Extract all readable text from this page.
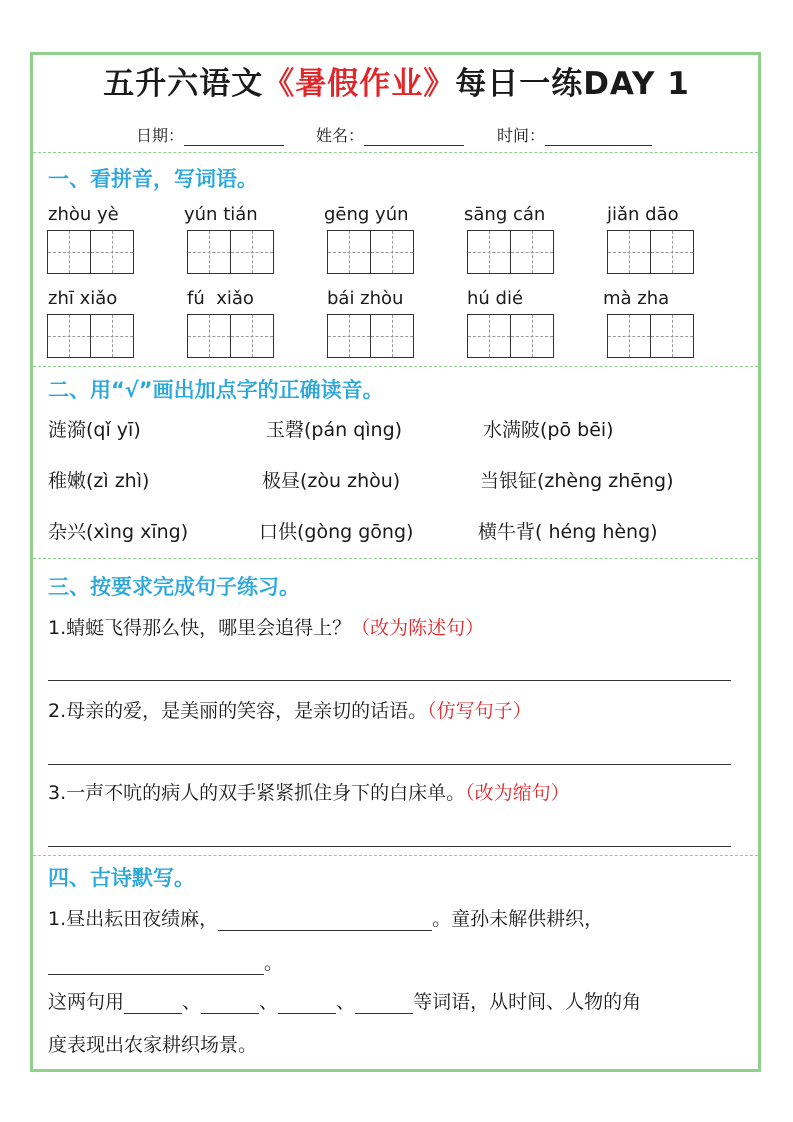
五升六语文《暑假作业》每日一练DAY 1
日期：	姓名：	时间：
一、看拼音，写词语。
zhòu yè	yún tián	gēng yún	sāng cán	jiǎn dāo
zhī xiǎo	fú  xiǎo	bái zhòu	hú dié	mà zha
二、用“√”画出加点字的正确读音。
涟漪(qǐ yī)	玉磬(pán qìng)	水满陂(pō bēi)
稚嫩(zì zhì)	极昼(zòu zhòu)	当银钲(zhèng zhēng)
杂兴(xìng xīng)	口供(gòng gōng)	横牛背( héng hèng)
三、按要求完成句子练习。
1.蜻蜓飞得那么快，哪里会追得上？（改为陈述句）
2.母亲的爱，是美丽的笑容，是亲切的话语。（仿写句子）
3.一声不吭的病人的双手紧紧抓住身下的白床单。（改为缩句）
四、古诗默写。
1.昼出耘田夜绩麻，	。童孙未解供耕织，
。
这两句用	、	、	、	等词语，从时间、人物的角
度表现出农家耕织场景。
